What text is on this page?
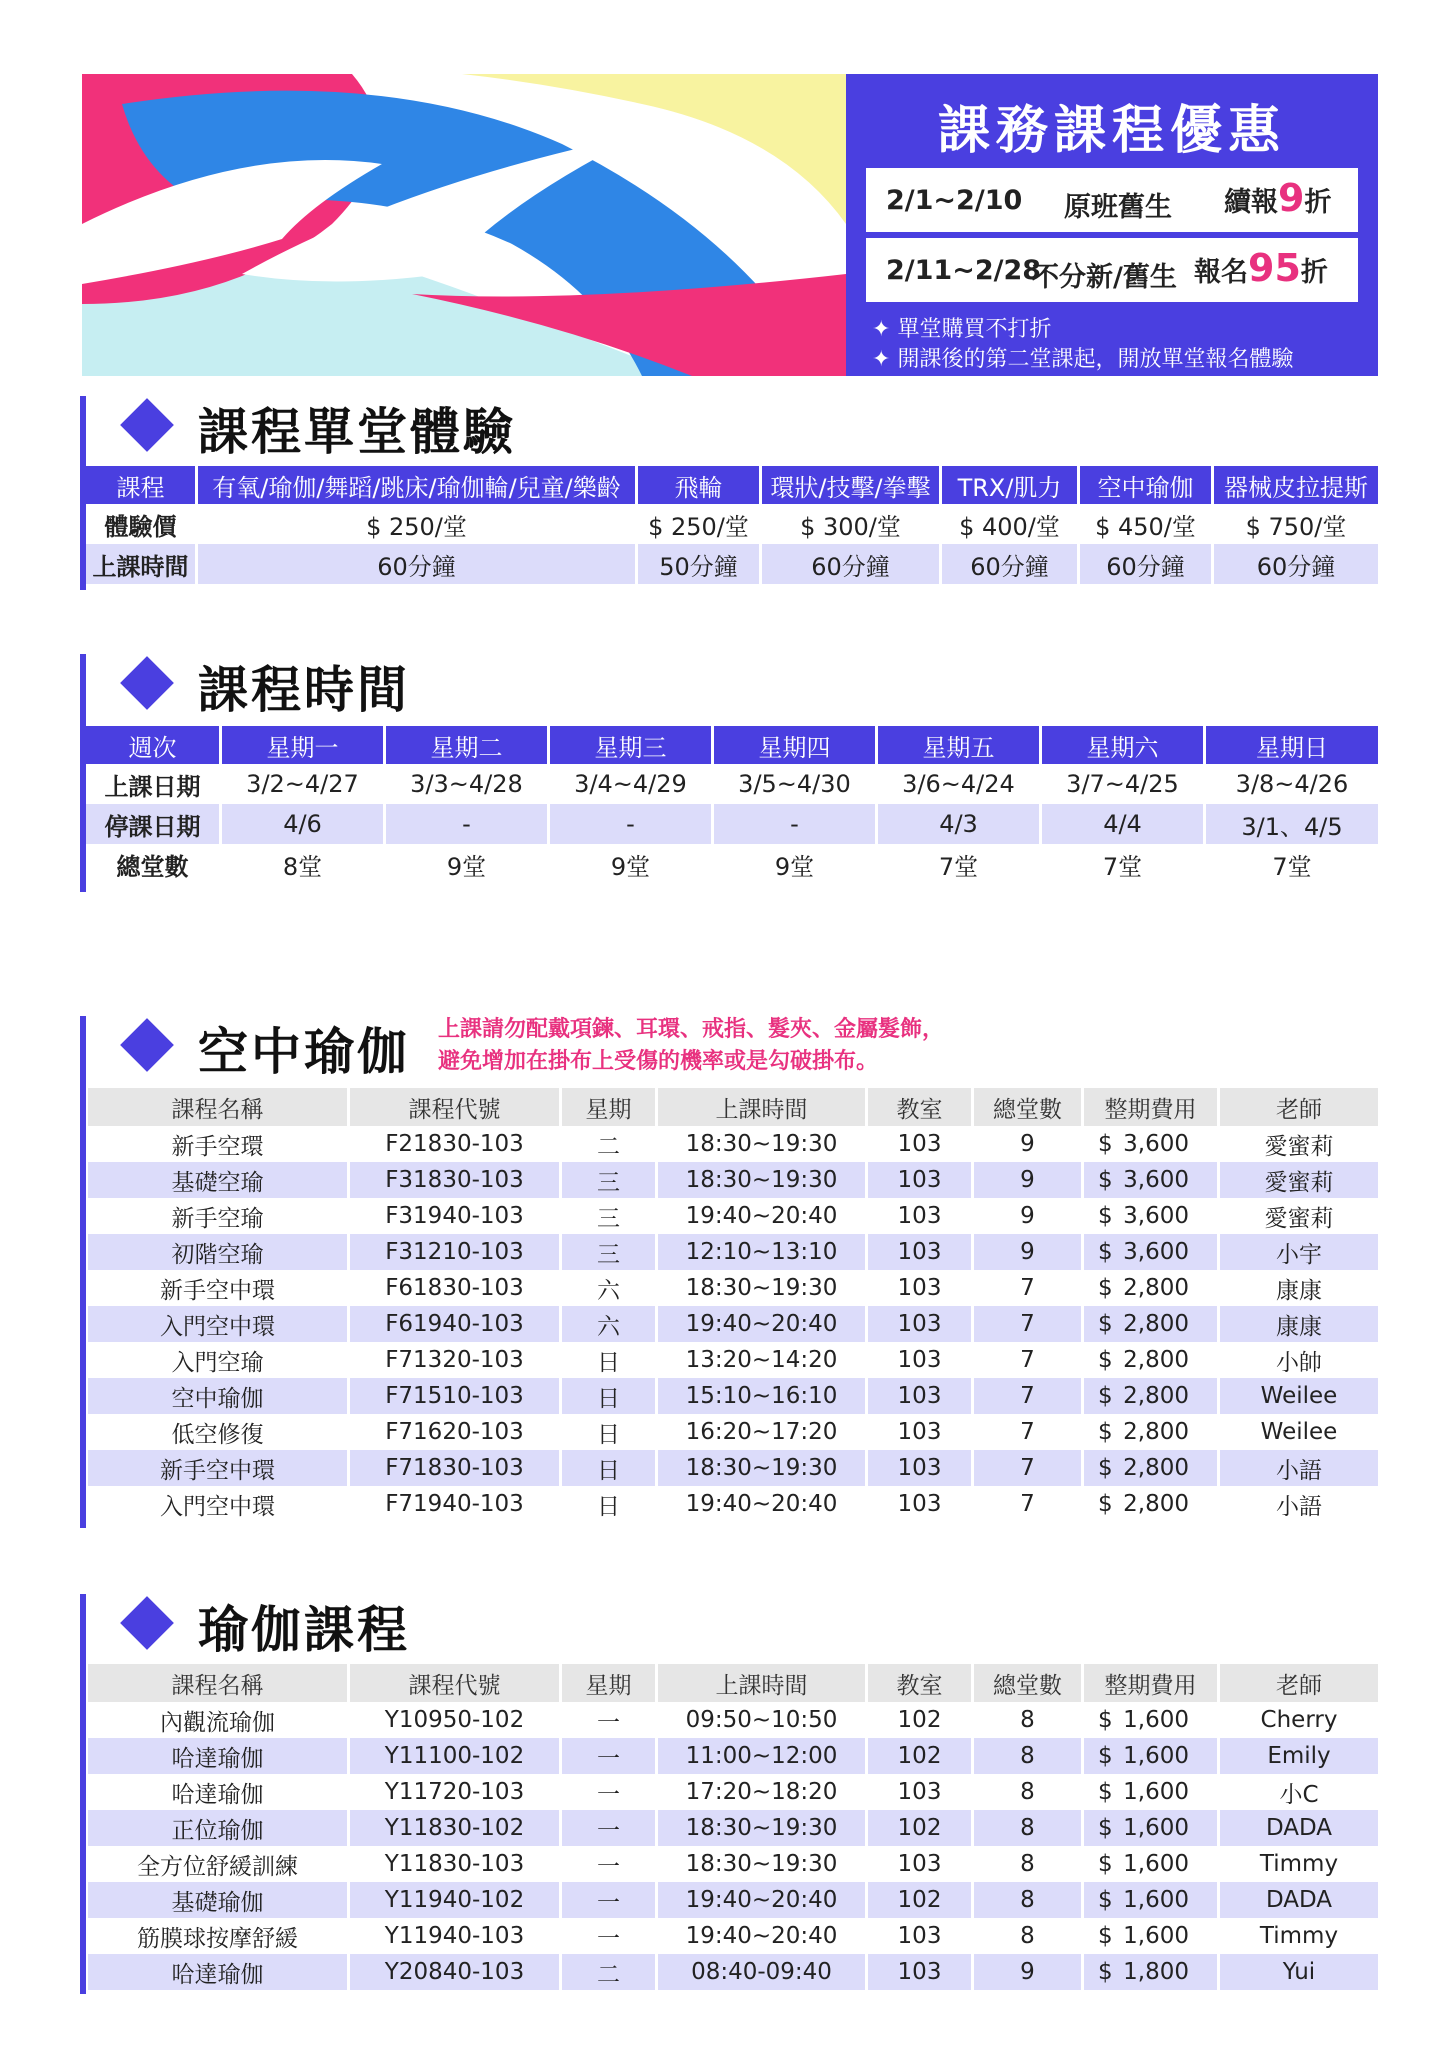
課務課程優惠
2/1~2/10 原班舊生 續報9折
2/11~2/28
不分新/舊生 報名95折
✦ 單堂購買不打折
✦ 開課後的第二堂課起，開放單堂報名體驗
課程單堂體驗
課程	有氧/瑜伽/舞蹈/跳床/瑜伽輪/兒童/樂齡	飛輪	環狀/技擊/拳擊	TRX/肌力	空中瑜伽	器械皮拉提斯
體驗價	$ 250/堂	$ 250/堂	$ 300/堂	$ 400/堂	$ 450/堂	$ 750/堂
上課時間	60分鐘	50分鐘	60分鐘	60分鐘	60分鐘	60分鐘
課程時間
週次	星期一	星期二	星期三	星期四	星期五	星期六	星期日
上課日期	3/2~4/27	3/3~4/28	3/4~4/29	3/5~4/30	3/6~4/24	3/7~4/25	3/8~4/26
停課日期	4/6	-	-	-	4/3	4/4	3/1、4/5
總堂數	8堂	9堂	9堂	9堂	7堂	7堂	7堂
空中瑜伽 上課請勿配戴項鍊、耳環、戒指、髮夾、金屬髮飾，
避免增加在掛布上受傷的機率或是勾破掛布。
課程名稱	課程代號	星期	上課時間	教室	總堂數	整期費用	老師
新手空環	F21830-103	二	18:30~19:30	103	9	$ 3,600	愛蜜莉
基礎空瑜	F31830-103	三	18:30~19:30	103	9	$ 3,600	愛蜜莉
新手空瑜	F31940-103	三	19:40~20:40	103	9	$ 3,600	愛蜜莉
初階空瑜	F31210-103	三	12:10~13:10	103	9	$ 3,600	小宇
新手空中環	F61830-103	六	18:30~19:30	103	7	$ 2,800	康康
入門空中環	F61940-103	六	19:40~20:40	103	7	$ 2,800	康康
入門空瑜	F71320-103	日	13:20~14:20	103	7	$ 2,800	小帥
空中瑜伽	F71510-103	日	15:10~16:10	103	7	$ 2,800	Weilee
低空修復	F71620-103	日	16:20~17:20	103	7	$ 2,800	Weilee
新手空中環	F71830-103	日	18:30~19:30	103	7	$ 2,800	小語
入門空中環	F71940-103	日	19:40~20:40	103	7	$ 2,800	小語
瑜伽課程
課程名稱	課程代號	星期	上課時間	教室	總堂數	整期費用	老師
內觀流瑜伽	Y10950-102	一	09:50~10:50	102	8	$ 1,600	Cherry
哈達瑜伽	Y11100-102	一	11:00~12:00	102	8	$ 1,600	Emily
哈達瑜伽	Y11720-103	一	17:20~18:20	103	8	$ 1,600	小C
正位瑜伽	Y11830-102	一	18:30~19:30	102	8	$ 1,600	DADA
全方位舒緩訓練	Y11830-103	一	18:30~19:30	103	8	$ 1,600	Timmy
基礎瑜伽	Y11940-102	一	19:40~20:40	102	8	$ 1,600	DADA
筋膜球按摩舒緩	Y11940-103	一	19:40~20:40	103	8	$ 1,600	Timmy
哈達瑜伽	Y20840-103	二	08:40-09:40	103	9	$ 1,800	Yui
